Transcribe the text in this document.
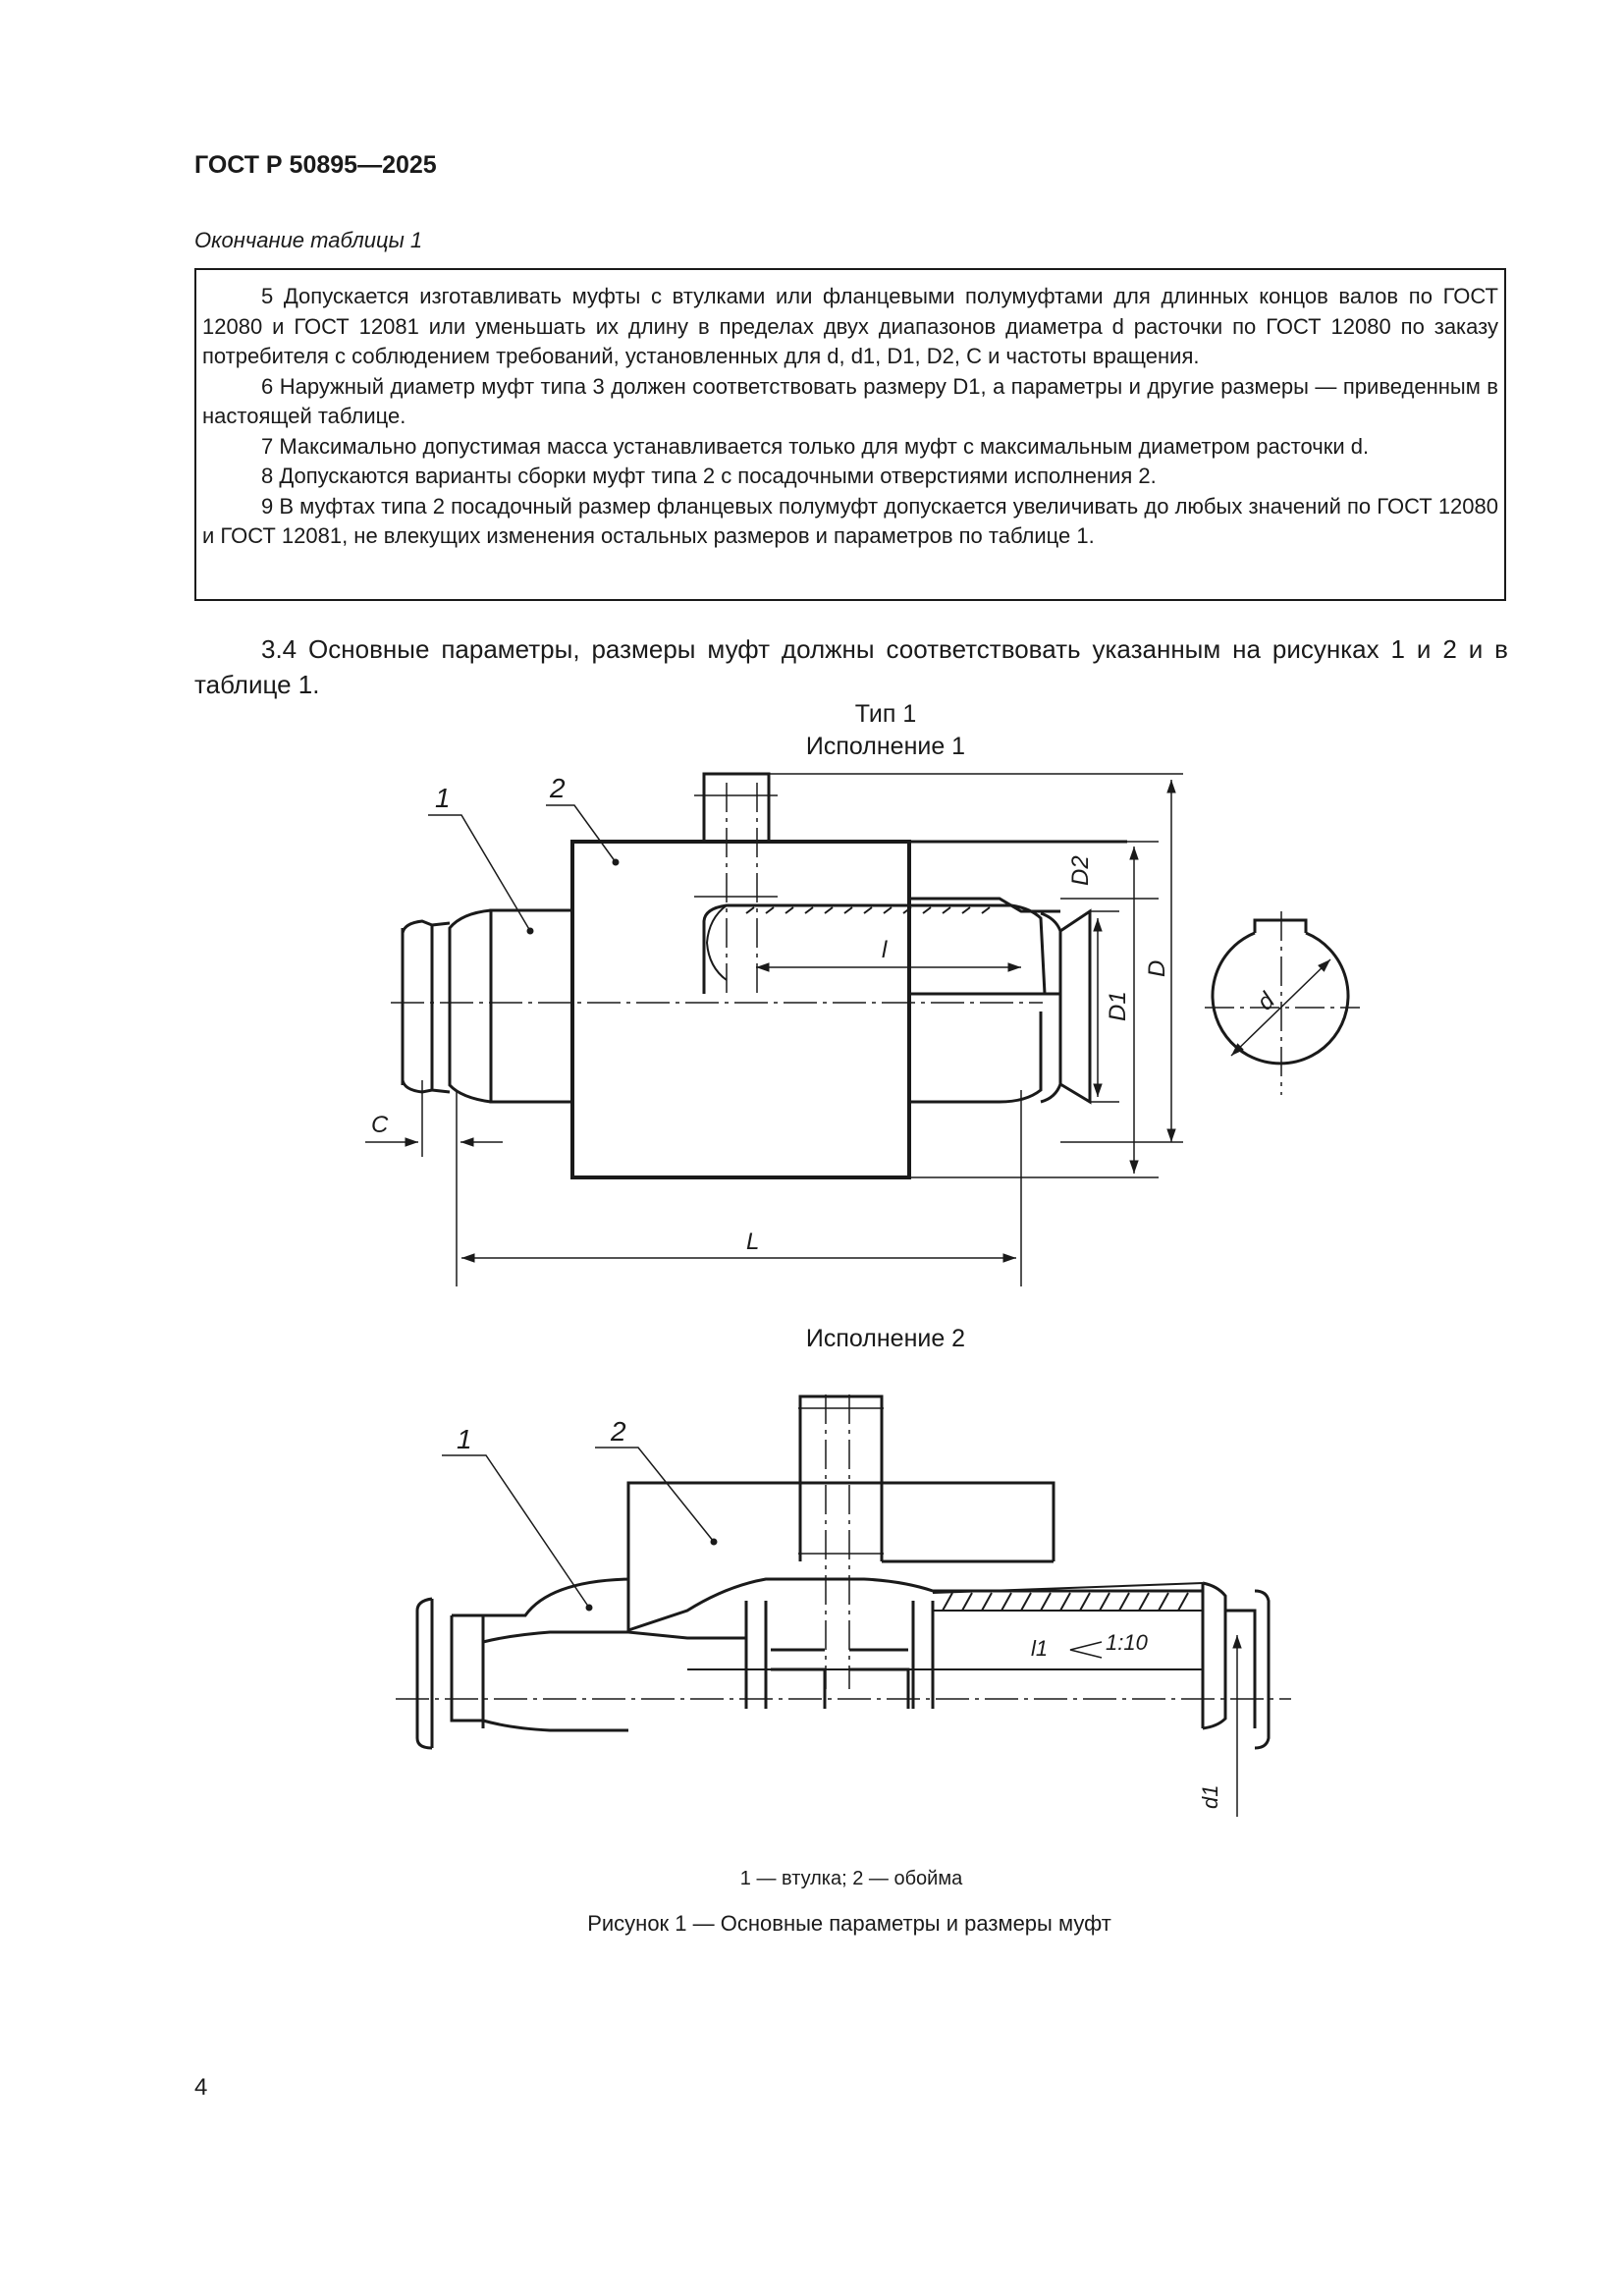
ГОСТ Р 50895—2025
Окончание таблицы 1

5 Допускается изготавливать муфты с втулками или фланцевыми полумуфтами для длинных концов валов по ГОСТ 12080 и ГОСТ 12081 или уменьшать их длину в пределах двух диапазонов диаметра d расточки по ГОСТ 12080 по заказу потребителя с соблюдением требований, установленных для d, d1, D1, D2, C и частоты вращения.

6 Наружный диаметр муфт типа 3 должен соответствовать размеру D1, а параметры и другие размеры — приведенным в настоящей таблице.

7 Максимально допустимая масса устанавливается только для муфт с максимальным диаметром расточки d.

8 Допускаются варианты сборки муфт типа 2 с посадочными отверстиями исполнения 2.

9 В муфтах типа 2 посадочный размер фланцевых полумуфт допускается увеличивать до любых значений по ГОСТ 12080 и ГОСТ 12081, не влекущих изменения остальных размеров и параметров по таблице 1.

3.4 Основные параметры, размеры муфт должны соответствовать указанным на рисунках 1 и 2 и в таблице 1.

Тип 1
Исполнение 1
Исполнение 2
1	2
D2
D1
D
l
d
C
L
1	2
l1	1:10
d1
1 — втулка; 2 — обойма
Рисунок 1 — Основные параметры и размеры муфт
4
